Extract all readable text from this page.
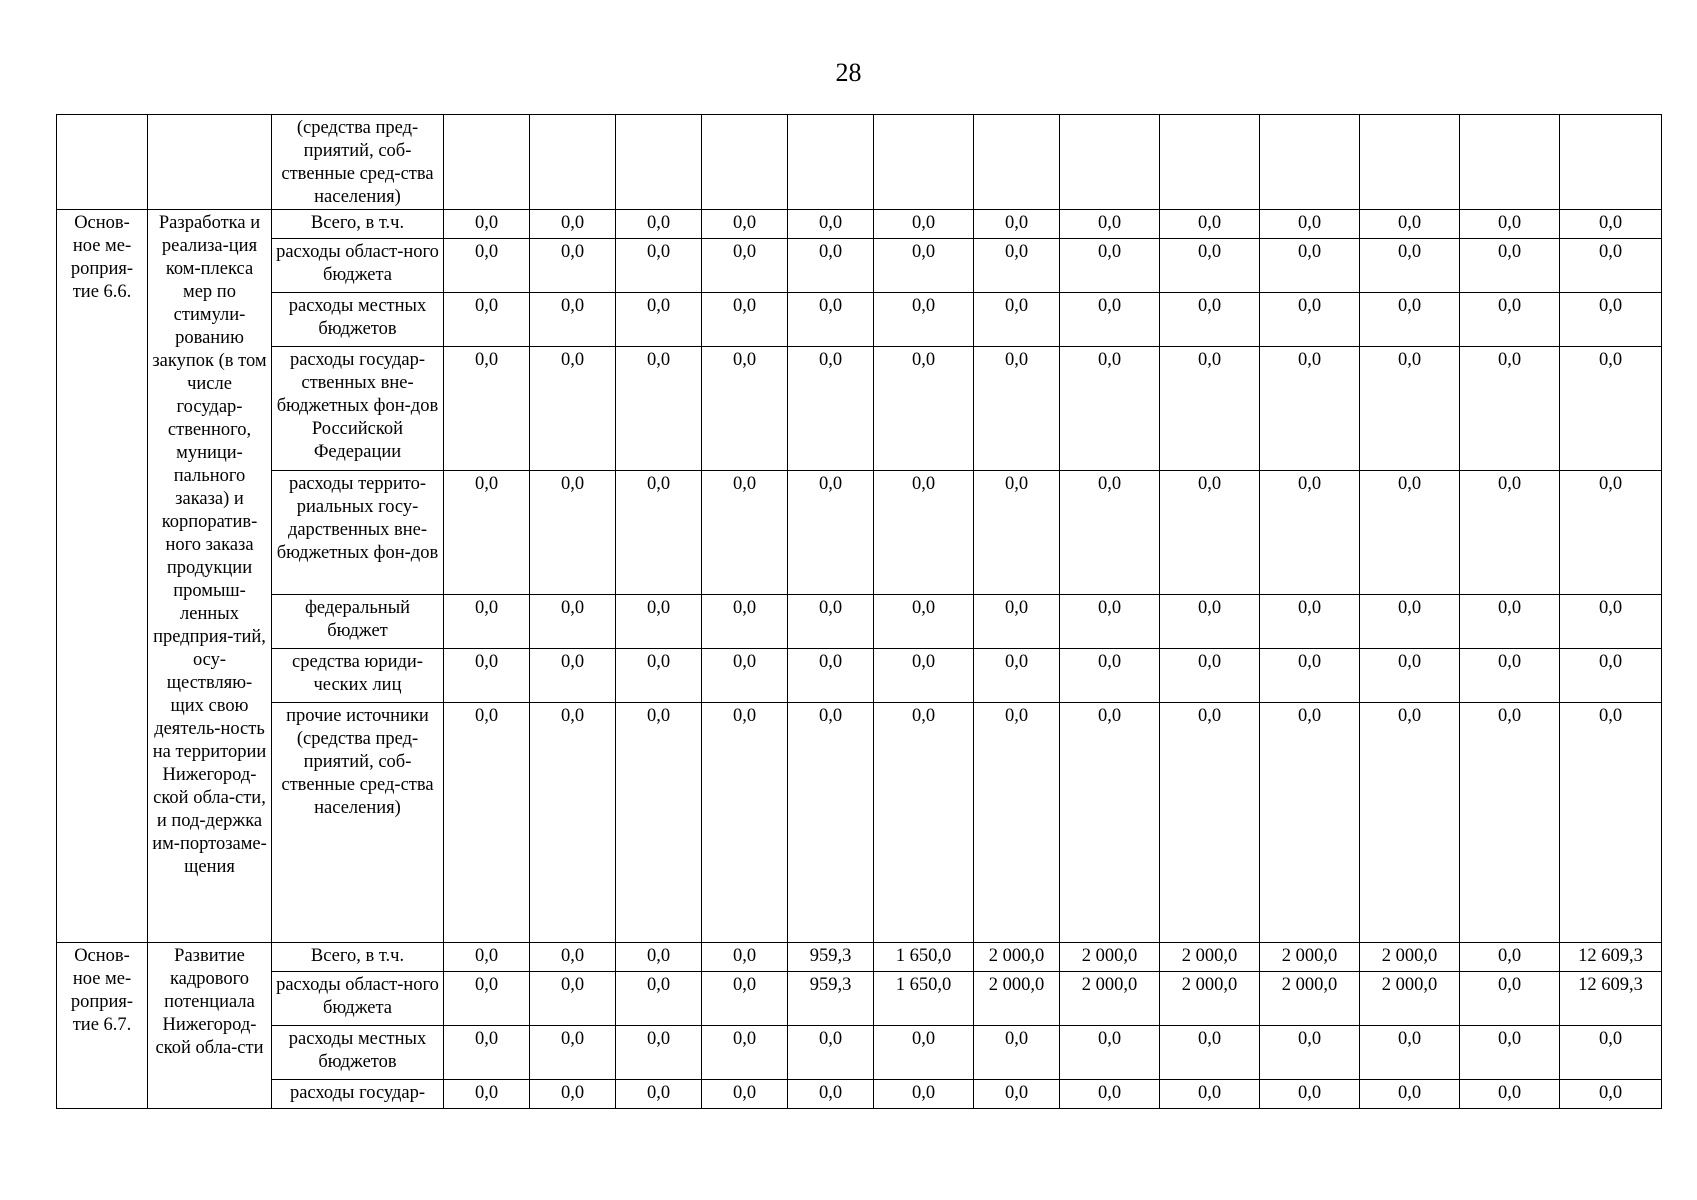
28
		(средства пред-приятий, соб-ственные сред-ства населения)													
Основ-ное ме-роприя-тие 6.6.	Разработка и реализа-ция ком-плекса мер по стимули-рованию закупок (в том числе государ-ственного, муници-пального заказа) и корпоратив-ного заказа продукции промыш-ленных предприя-тий, осу-ществляю-щих свою деятель-ность на территории Нижегород-ской обла-сти, и под-держка им-портозаме-щения	Всего, в т.ч.	0,0	0,0	0,0	0,0	0,0	0,0	0,0	0,0	0,0	0,0	0,0	0,0	0,0
		расходы област-ного бюджета	0,0	0,0	0,0	0,0	0,0	0,0	0,0	0,0	0,0	0,0	0,0	0,0	0,0
		расходы местных бюджетов	0,0	0,0	0,0	0,0	0,0	0,0	0,0	0,0	0,0	0,0	0,0	0,0	0,0
		расходы государ-ственных вне-бюджетных фон-дов Российской Федерации	0,0	0,0	0,0	0,0	0,0	0,0	0,0	0,0	0,0	0,0	0,0	0,0	0,0
		расходы террито-риальных госу-дарственных вне-бюджетных фон-дов	0,0	0,0	0,0	0,0	0,0	0,0	0,0	0,0	0,0	0,0	0,0	0,0	0,0
		федеральный бюджет	0,0	0,0	0,0	0,0	0,0	0,0	0,0	0,0	0,0	0,0	0,0	0,0	0,0
		средства юриди-ческих лиц	0,0	0,0	0,0	0,0	0,0	0,0	0,0	0,0	0,0	0,0	0,0	0,0	0,0
		прочие источники (средства пред-приятий, соб-ственные сред-ства населения)	0,0	0,0	0,0	0,0	0,0	0,0	0,0	0,0	0,0	0,0	0,0	0,0	0,0
Основ-ное ме-роприя-тие 6.7.	Развитие кадрового потенциала Нижегород-ской обла-сти	Всего, в т.ч.	0,0	0,0	0,0	0,0	959,3	1 650,0	2 000,0	2 000,0	2 000,0	2 000,0	2 000,0	0,0	12 609,3
		расходы област-ного бюджета	0,0	0,0	0,0	0,0	959,3	1 650,0	2 000,0	2 000,0	2 000,0	2 000,0	2 000,0	0,0	12 609,3
		расходы местных бюджетов	0,0	0,0	0,0	0,0	0,0	0,0	0,0	0,0	0,0	0,0	0,0	0,0	0,0
		расходы государ-	0,0	0,0	0,0	0,0	0,0	0,0	0,0	0,0	0,0	0,0	0,0	0,0	0,0
